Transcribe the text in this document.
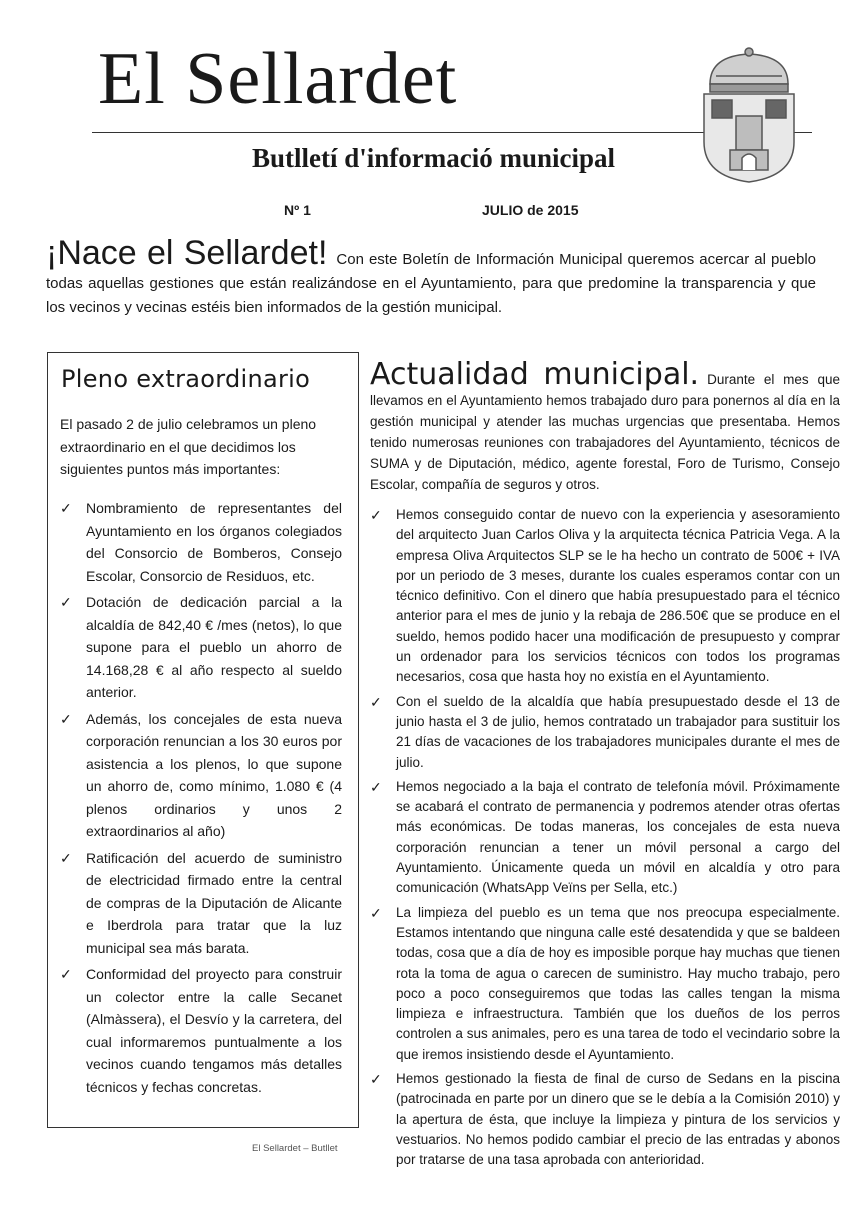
El Sellardet
Butlletí d'informació municipal
Nº 1	JULIO de 2015
¡Nace el Sellardet! Con este Boletín de Información Municipal queremos acercar al pueblo todas aquellas gestiones que están realizándose en el Ayuntamiento, para que predomine la transparencia y que los vecinos y vecinas estéis bien informados de la gestión municipal.
Pleno extraordinario
El pasado 2 de julio celebramos un pleno extraordinario en el que decidimos los siguientes puntos más importantes:
✓ Nombramiento de representantes del Ayuntamiento en los órganos colegiados del Consorcio de Bomberos, Consejo Escolar, Consorcio de Residuos, etc.
✓ Dotación de dedicación parcial a la alcaldía de 842,40 € /mes (netos), lo que supone para el pueblo un ahorro de 14.168,28 € al año respecto al sueldo anterior.
✓ Además, los concejales de esta nueva corporación renuncian a los 30 euros por asistencia a los plenos, lo que supone un ahorro de, como mínimo, 1.080 € (4 plenos ordinarios y unos 2 extraordinarios al año)
✓ Ratificación del acuerdo de suministro de electricidad firmado entre la central de compras de la Diputación de Alicante e Iberdrola para tratar que la luz municipal sea más barata.
✓ Conformidad del proyecto para construir un colector entre la calle Secanet (Almàssera), el Desvío y la carretera, del cual informaremos puntualmente a los vecinos cuando tengamos más detalles técnicos y fechas concretas.
El Sellardet – Butllet
Actualidad municipal. Durante el mes que llevamos en el Ayuntamiento hemos trabajado duro para ponernos al día en la gestión municipal y atender las muchas urgencias que presentaba. Hemos tenido numerosas reuniones con trabajadores del Ayuntamiento, técnicos de SUMA y de Diputación, médico, agente forestal, Foro de Turismo, Consejo Escolar, compañía de seguros y otros.
✓ Hemos conseguido contar de nuevo con la experiencia y asesoramiento del arquitecto Juan Carlos Oliva y la arquitecta técnica Patricia Vega. A la empresa Oliva Arquitectos SLP se le ha hecho un contrato de 500€ + IVA por un periodo de 3 meses, durante los cuales esperamos contar con un técnico definitivo. Con el dinero que había presupuestado para el técnico anterior para el mes de junio y la rebaja de 286.50€ que se produce en el sueldo, hemos podido hacer una modificación de presupuesto y comprar un ordenador para los servicios técnicos con todos los programas necesarios, cosa que hasta hoy no existía en el Ayuntamiento.
✓ Con el sueldo de la alcaldía que había presupuestado desde el 13 de junio hasta el 3 de julio, hemos contratado un trabajador para sustituir los 21 días de vacaciones de los trabajadores municipales durante el mes de julio.
✓ Hemos negociado a la baja el contrato de telefonía móvil. Próximamente se acabará el contrato de permanencia y podremos atender otras ofertas más económicas. De todas maneras, los concejales de esta nueva corporación renuncian a tener un móvil personal a cargo del Ayuntamiento. Únicamente queda un móvil en alcaldía y otro para comunicación (WhatsApp Veïns per Sella, etc.)
✓ La limpieza del pueblo es un tema que nos preocupa especialmente. Estamos intentando que ninguna calle esté desatendida y que se baldeen todas, cosa que a día de hoy es imposible porque hay muchas que tienen rota la toma de agua o carecen de suministro. Hay mucho trabajo, pero poco a poco conseguiremos que todas las calles tengan la misma limpieza e infraestructura. También que los dueños de los perros controlen a sus animales, pero es una tarea de todo el vecindario sobre la que iremos insistiendo desde el Ayuntamiento.
✓ Hemos gestionado la fiesta de final de curso de Sedans en la piscina (patrocinada en parte por un dinero que se le debía a la Comisión 2010) y la apertura de ésta, que incluye la limpieza y pintura de los servicios y vestuarios. No hemos podido cambiar el precio de las entradas y abonos por tratarse de una tasa aprobada con anterioridad.
